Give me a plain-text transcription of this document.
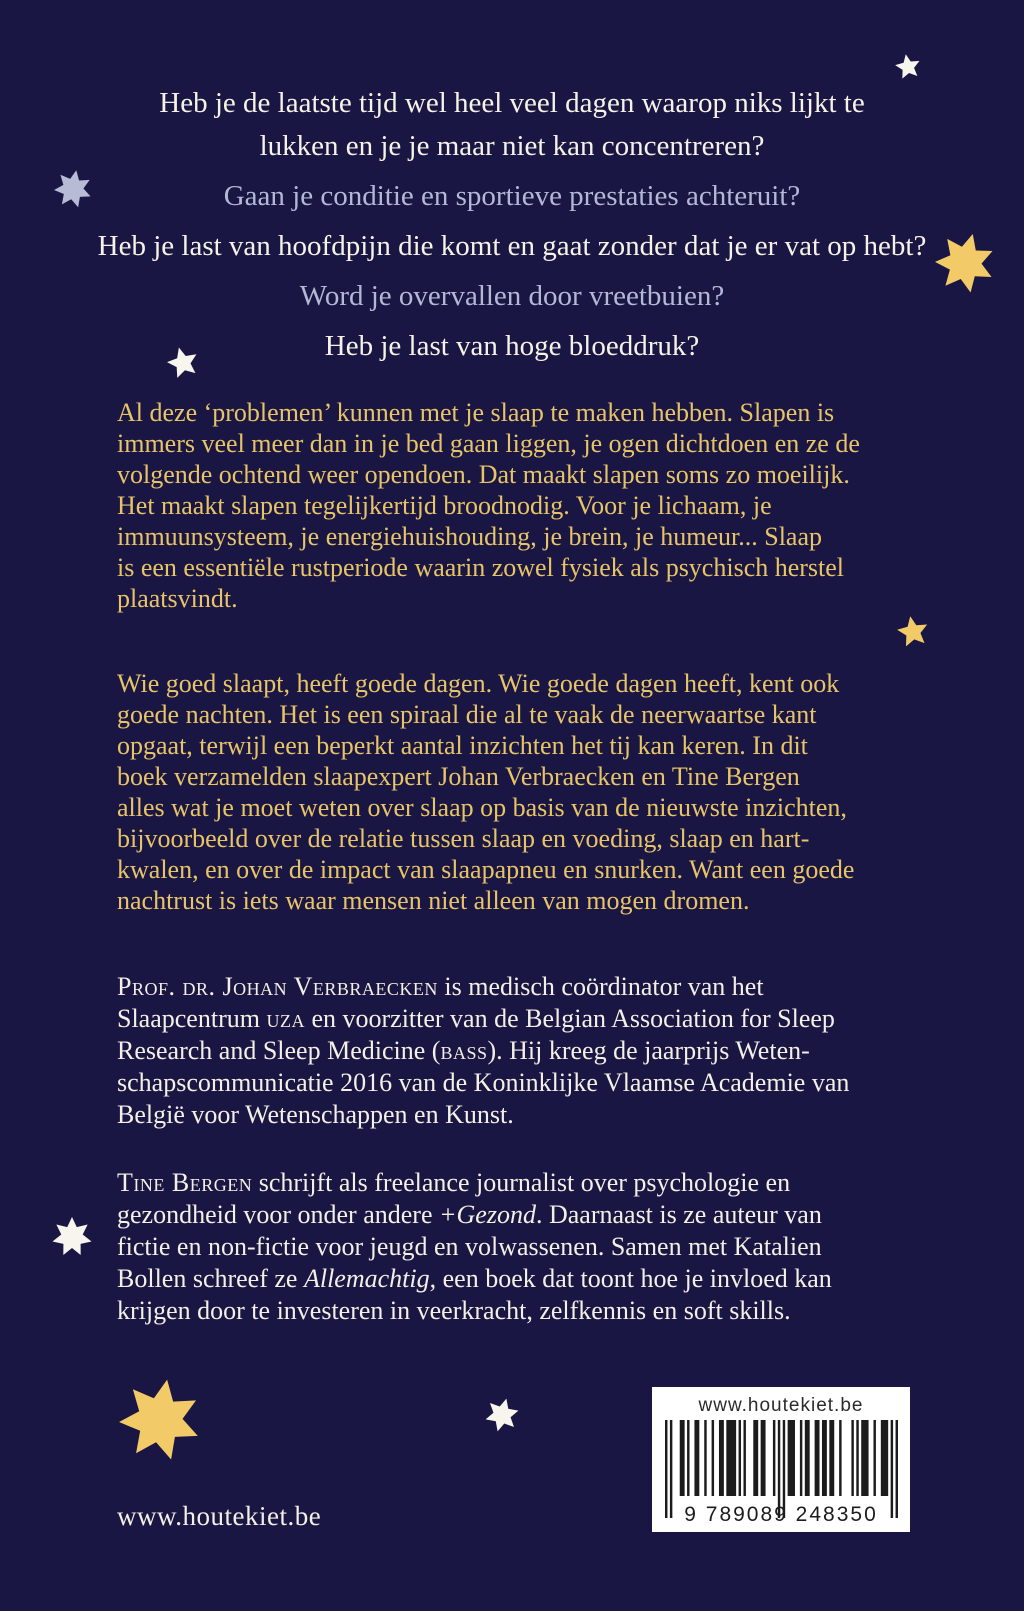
Heb je de laatste tijd wel heel veel dagen waarop niks lijkt te
lukken en je je maar niet kan concentreren?
Gaan je conditie en sportieve prestaties achteruit?
Heb je last van hoofdpijn die komt en gaat zonder dat je er vat op hebt?
Word je overvallen door vreetbuien?
Heb je last van hoge bloeddruk?
Al deze ‘problemen’ kunnen met je slaap te maken hebben. Slapen is
immers veel meer dan in je bed gaan liggen, je ogen dichtdoen en ze de
volgende ochtend weer opendoen. Dat maakt slapen soms zo moeilijk.
Het maakt slapen tegelijkertijd broodnodig. Voor je lichaam, je
immuunsysteem, je energiehuishouding, je brein, je humeur... Slaap
is een essentiële rustperiode waarin zowel fysiek als psychisch herstel
plaatsvindt.
Wie goed slaapt, heeft goede dagen. Wie goede dagen heeft, kent ook
goede nachten. Het is een spiraal die al te vaak de neerwaartse kant
opgaat, terwijl een beperkt aantal inzichten het tij kan keren. In dit
boek verzamelden slaapexpert Johan Verbraecken en Tine Bergen
alles wat je moet weten over slaap op basis van de nieuwste inzichten,
bijvoorbeeld over de relatie tussen slaap en voeding, slaap en hart-
kwalen, en over de impact van slaapapneu en snurken. Want een goede
nachtrust is iets waar mensen niet alleen van mogen dromen.
Prof. dr. Johan Verbraecken is medisch coördinator van het
Slaapcentrum uza en voorzitter van de Belgian Association for Sleep
Research and Sleep Medicine (bass). Hij kreeg de jaarprijs Weten-
schapscommunicatie 2016 van de Koninklijke Vlaamse Academie van
België voor Wetenschappen en Kunst.
Tine Bergen schrijft als freelance journalist over psychologie en
gezondheid voor onder andere +Gezond. Daarnaast is ze auteur van
fictie en non-fictie voor jeugd en volwassenen. Samen met Katalien
Bollen schreef ze Allemachtig, een boek dat toont hoe je invloed kan
krijgen door te investeren in veerkracht, zelfkennis en soft skills.
www.houtekiet.be
9 789089 248350
www.houtekiet.be
